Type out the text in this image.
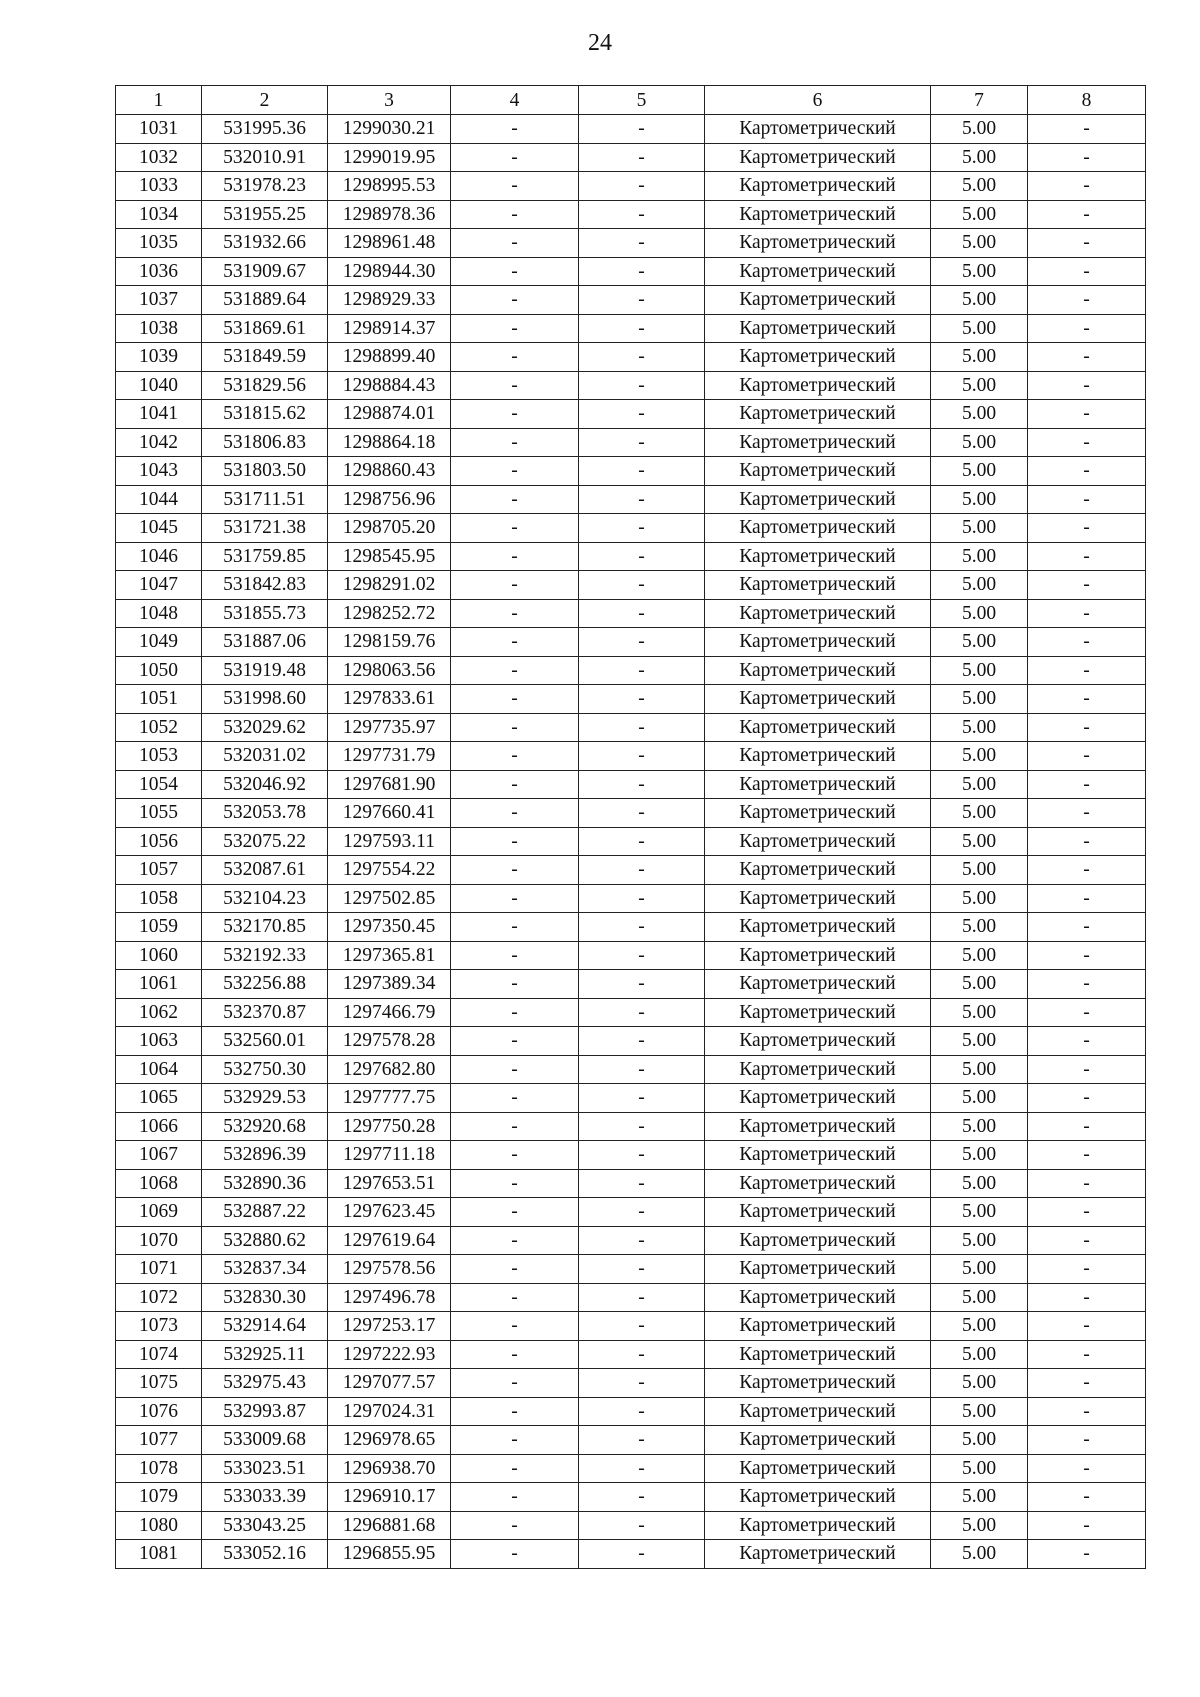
24
1	2	3	4	5	6	7	8
1031	531995.36	1299030.21	-	-	Картометрический	5.00	-
1032	532010.91	1299019.95	-	-	Картометрический	5.00	-
1033	531978.23	1298995.53	-	-	Картометрический	5.00	-
1034	531955.25	1298978.36	-	-	Картометрический	5.00	-
1035	531932.66	1298961.48	-	-	Картометрический	5.00	-
1036	531909.67	1298944.30	-	-	Картометрический	5.00	-
1037	531889.64	1298929.33	-	-	Картометрический	5.00	-
1038	531869.61	1298914.37	-	-	Картометрический	5.00	-
1039	531849.59	1298899.40	-	-	Картометрический	5.00	-
1040	531829.56	1298884.43	-	-	Картометрический	5.00	-
1041	531815.62	1298874.01	-	-	Картометрический	5.00	-
1042	531806.83	1298864.18	-	-	Картометрический	5.00	-
1043	531803.50	1298860.43	-	-	Картометрический	5.00	-
1044	531711.51	1298756.96	-	-	Картометрический	5.00	-
1045	531721.38	1298705.20	-	-	Картометрический	5.00	-
1046	531759.85	1298545.95	-	-	Картометрический	5.00	-
1047	531842.83	1298291.02	-	-	Картометрический	5.00	-
1048	531855.73	1298252.72	-	-	Картометрический	5.00	-
1049	531887.06	1298159.76	-	-	Картометрический	5.00	-
1050	531919.48	1298063.56	-	-	Картометрический	5.00	-
1051	531998.60	1297833.61	-	-	Картометрический	5.00	-
1052	532029.62	1297735.97	-	-	Картометрический	5.00	-
1053	532031.02	1297731.79	-	-	Картометрический	5.00	-
1054	532046.92	1297681.90	-	-	Картометрический	5.00	-
1055	532053.78	1297660.41	-	-	Картометрический	5.00	-
1056	532075.22	1297593.11	-	-	Картометрический	5.00	-
1057	532087.61	1297554.22	-	-	Картометрический	5.00	-
1058	532104.23	1297502.85	-	-	Картометрический	5.00	-
1059	532170.85	1297350.45	-	-	Картометрический	5.00	-
1060	532192.33	1297365.81	-	-	Картометрический	5.00	-
1061	532256.88	1297389.34	-	-	Картометрический	5.00	-
1062	532370.87	1297466.79	-	-	Картометрический	5.00	-
1063	532560.01	1297578.28	-	-	Картометрический	5.00	-
1064	532750.30	1297682.80	-	-	Картометрический	5.00	-
1065	532929.53	1297777.75	-	-	Картометрический	5.00	-
1066	532920.68	1297750.28	-	-	Картометрический	5.00	-
1067	532896.39	1297711.18	-	-	Картометрический	5.00	-
1068	532890.36	1297653.51	-	-	Картометрический	5.00	-
1069	532887.22	1297623.45	-	-	Картометрический	5.00	-
1070	532880.62	1297619.64	-	-	Картометрический	5.00	-
1071	532837.34	1297578.56	-	-	Картометрический	5.00	-
1072	532830.30	1297496.78	-	-	Картометрический	5.00	-
1073	532914.64	1297253.17	-	-	Картометрический	5.00	-
1074	532925.11	1297222.93	-	-	Картометрический	5.00	-
1075	532975.43	1297077.57	-	-	Картометрический	5.00	-
1076	532993.87	1297024.31	-	-	Картометрический	5.00	-
1077	533009.68	1296978.65	-	-	Картометрический	5.00	-
1078	533023.51	1296938.70	-	-	Картометрический	5.00	-
1079	533033.39	1296910.17	-	-	Картометрический	5.00	-
1080	533043.25	1296881.68	-	-	Картометрический	5.00	-
1081	533052.16	1296855.95	-	-	Картометрический	5.00	-
